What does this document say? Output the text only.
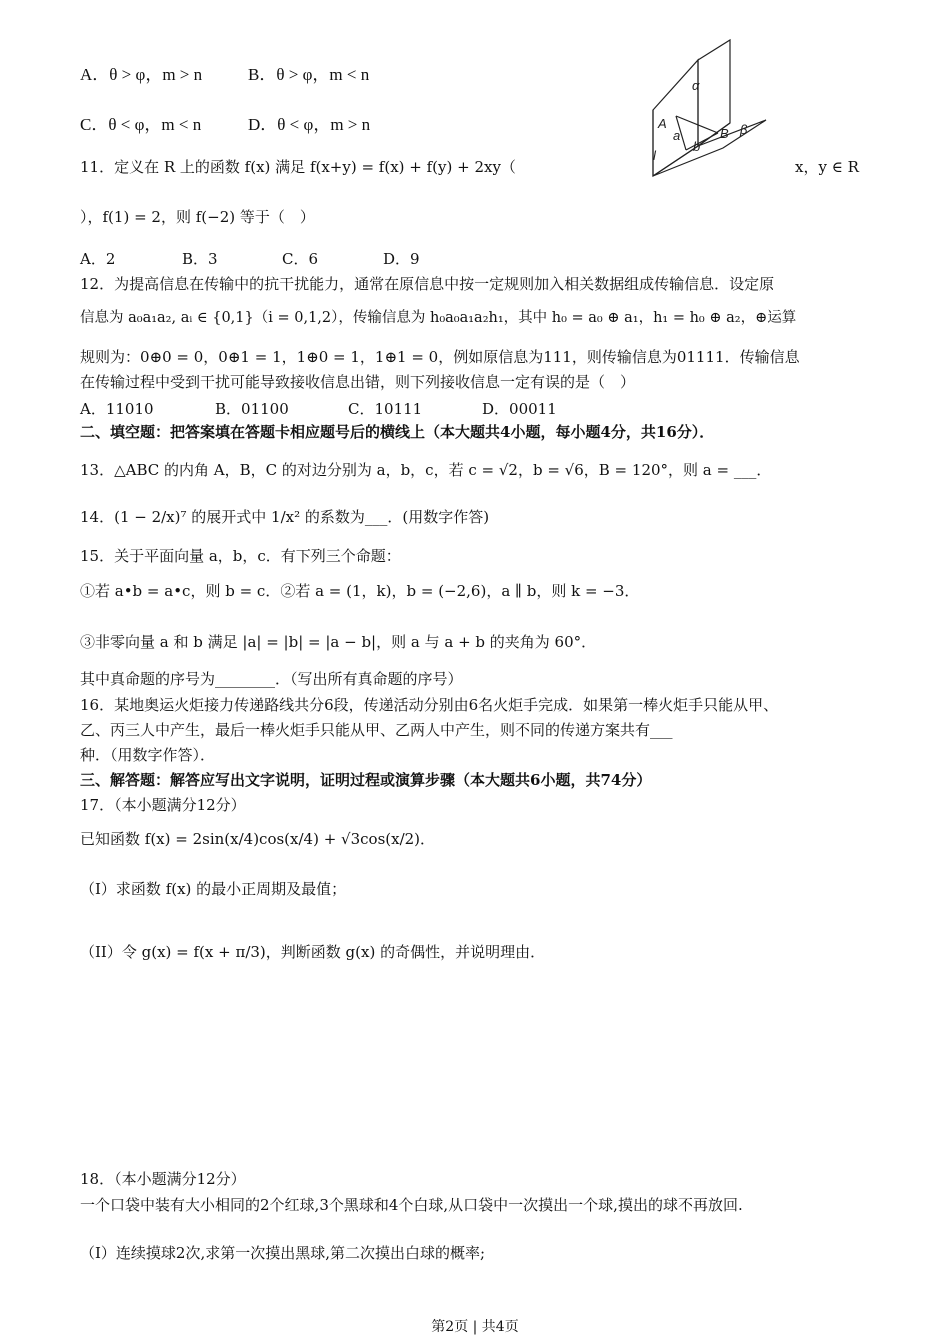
A．θ > φ，m > n	B．θ > φ，m < n
C．θ < φ，m < n	D．θ < φ，m > n
α
A
a	B
b
β
l
11．定义在 R 上的函数 f(x) 满足 f(x+y) = f(x) + f(y) + 2xy（	x，y ∈ R
），f(1) = 2，则 f(−2) 等于（　）
A．2	B．3	C．6	D．9
12．为提高信息在传输中的抗干扰能力，通常在原信息中按一定规则加入相关数据组成传输信息．设定原
信息为 a₀a₁a₂, aᵢ ∈ {0,1}（i = 0,1,2），传输信息为 h₀a₀a₁a₂h₁，其中 h₀ = a₀ ⊕ a₁，h₁ = h₀ ⊕ a₂，⊕运算
规则为：0⊕0 = 0，0⊕1 = 1，1⊕0 = 1，1⊕1 = 0，例如原信息为111，则传输信息为01111．传输信息
在传输过程中受到干扰可能导致接收信息出错，则下列接收信息一定有误的是（　）
A．11010	B．01100	C．10111	D．00011
二、填空题：把答案填在答题卡相应题号后的横线上（本大题共4小题，每小题4分，共16分）．
13．△ABC 的内角 A，B，C 的对边分别为 a，b，c，若 c = √2，b = √6，B = 120°，则 a = ___．
14．(1 − 2/x)⁷ 的展开式中 1/x² 的系数为___．(用数字作答)
15．关于平面向量 a，b，c．有下列三个命题：
①若 a•b = a•c，则 b = c．②若 a = (1，k)，b = (−2,6)，a ∥ b，则 k = −3．
③非零向量 a 和 b 满足 |a| = |b| = |a − b|，则 a 与 a + b 的夹角为 60°．
其中真命题的序号为________．（写出所有真命题的序号）
16．某地奥运火炬接力传递路线共分6段，传递活动分别由6名火炬手完成．如果第一棒火炬手只能从甲、
乙、丙三人中产生，最后一棒火炬手只能从甲、乙两人中产生，则不同的传递方案共有___
种．（用数字作答）．
三、解答题：解答应写出文字说明，证明过程或演算步骤（本大题共6小题，共74分）
17．（本小题满分12分）
已知函数 f(x) = 2sin(x/4)cos(x/4) + √3cos(x/2)．
（I）求函数 f(x) 的最小正周期及最值；
（II）令 g(x) = f(x + π/3)，判断函数 g(x) 的奇偶性，并说明理由．
18．（本小题满分12分）
一个口袋中装有大小相同的2个红球,3个黑球和4个白球,从口袋中一次摸出一个球,摸出的球不再放回.
（I）连续摸球2次,求第一次摸出黑球,第二次摸出白球的概率;
第2页 | 共4页
